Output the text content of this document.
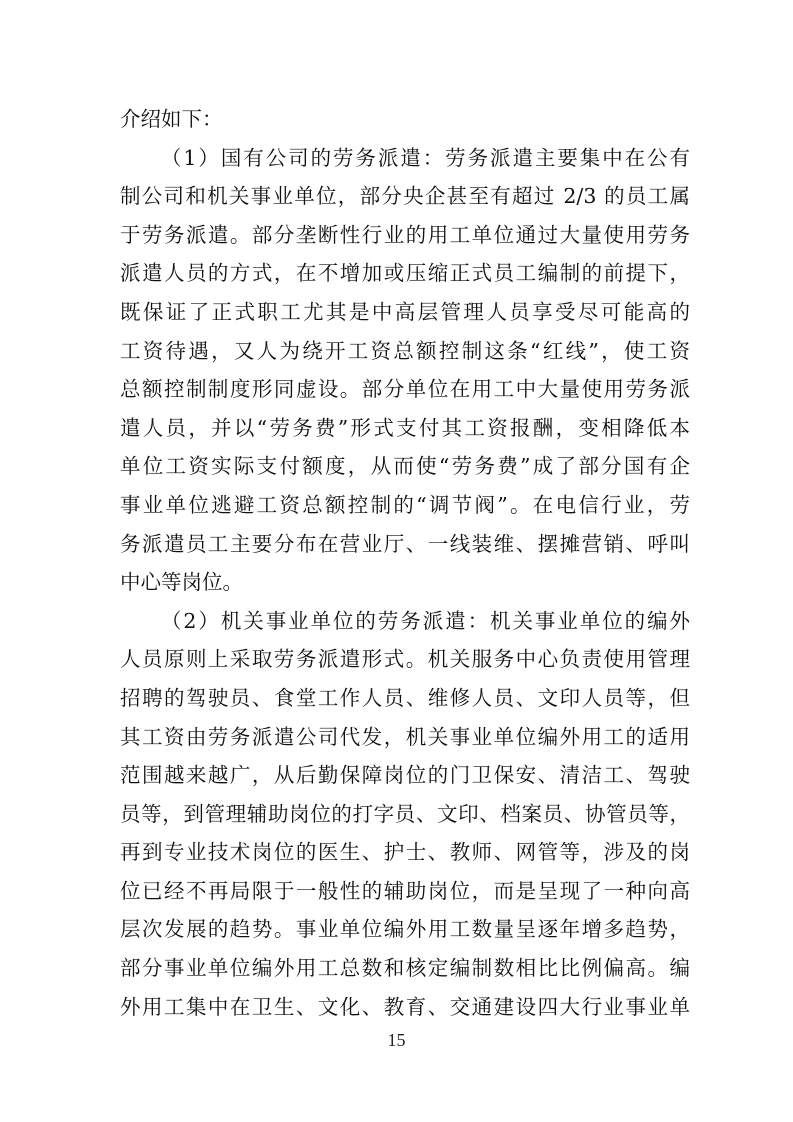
介绍如下：
（1）国有公司的劳务派遣：劳务派遣主要集中在公有
制公司和机关事业单位，部分央企甚至有超过 2/3 的员工属
于劳务派遣。部分垄断性行业的用工单位通过大量使用劳务
派遣人员的方式，在不增加或压缩正式员工编制的前提下，
既保证了正式职工尤其是中高层管理人员享受尽可能高的
工资待遇，又人为绕开工资总额控制这条“红线”，使工资
总额控制制度形同虚设。部分单位在用工中大量使用劳务派
遣人员，并以“劳务费”形式支付其工资报酬，变相降低本
单位工资实际支付额度，从而使“劳务费”成了部分国有企
事业单位逃避工资总额控制的“调节阀”。在电信行业，劳
务派遣员工主要分布在营业厅、一线装维、摆摊营销、呼叫
中心等岗位。
（2）机关事业单位的劳务派遣：机关事业单位的编外
人员原则上采取劳务派遣形式。机关服务中心负责使用管理
招聘的驾驶员、食堂工作人员、维修人员、文印人员等，但
其工资由劳务派遣公司代发，机关事业单位编外用工的适用
范围越来越广，从后勤保障岗位的门卫保安、清洁工、驾驶
员等，到管理辅助岗位的打字员、文印、档案员、协管员等，
再到专业技术岗位的医生、护士、教师、网管等，涉及的岗
位已经不再局限于一般性的辅助岗位，而是呈现了一种向高
层次发展的趋势。事业单位编外用工数量呈逐年增多趋势，
部分事业单位编外用工总数和核定编制数相比比例偏高。编
外用工集中在卫生、文化、教育、交通建设四大行业事业单
15
